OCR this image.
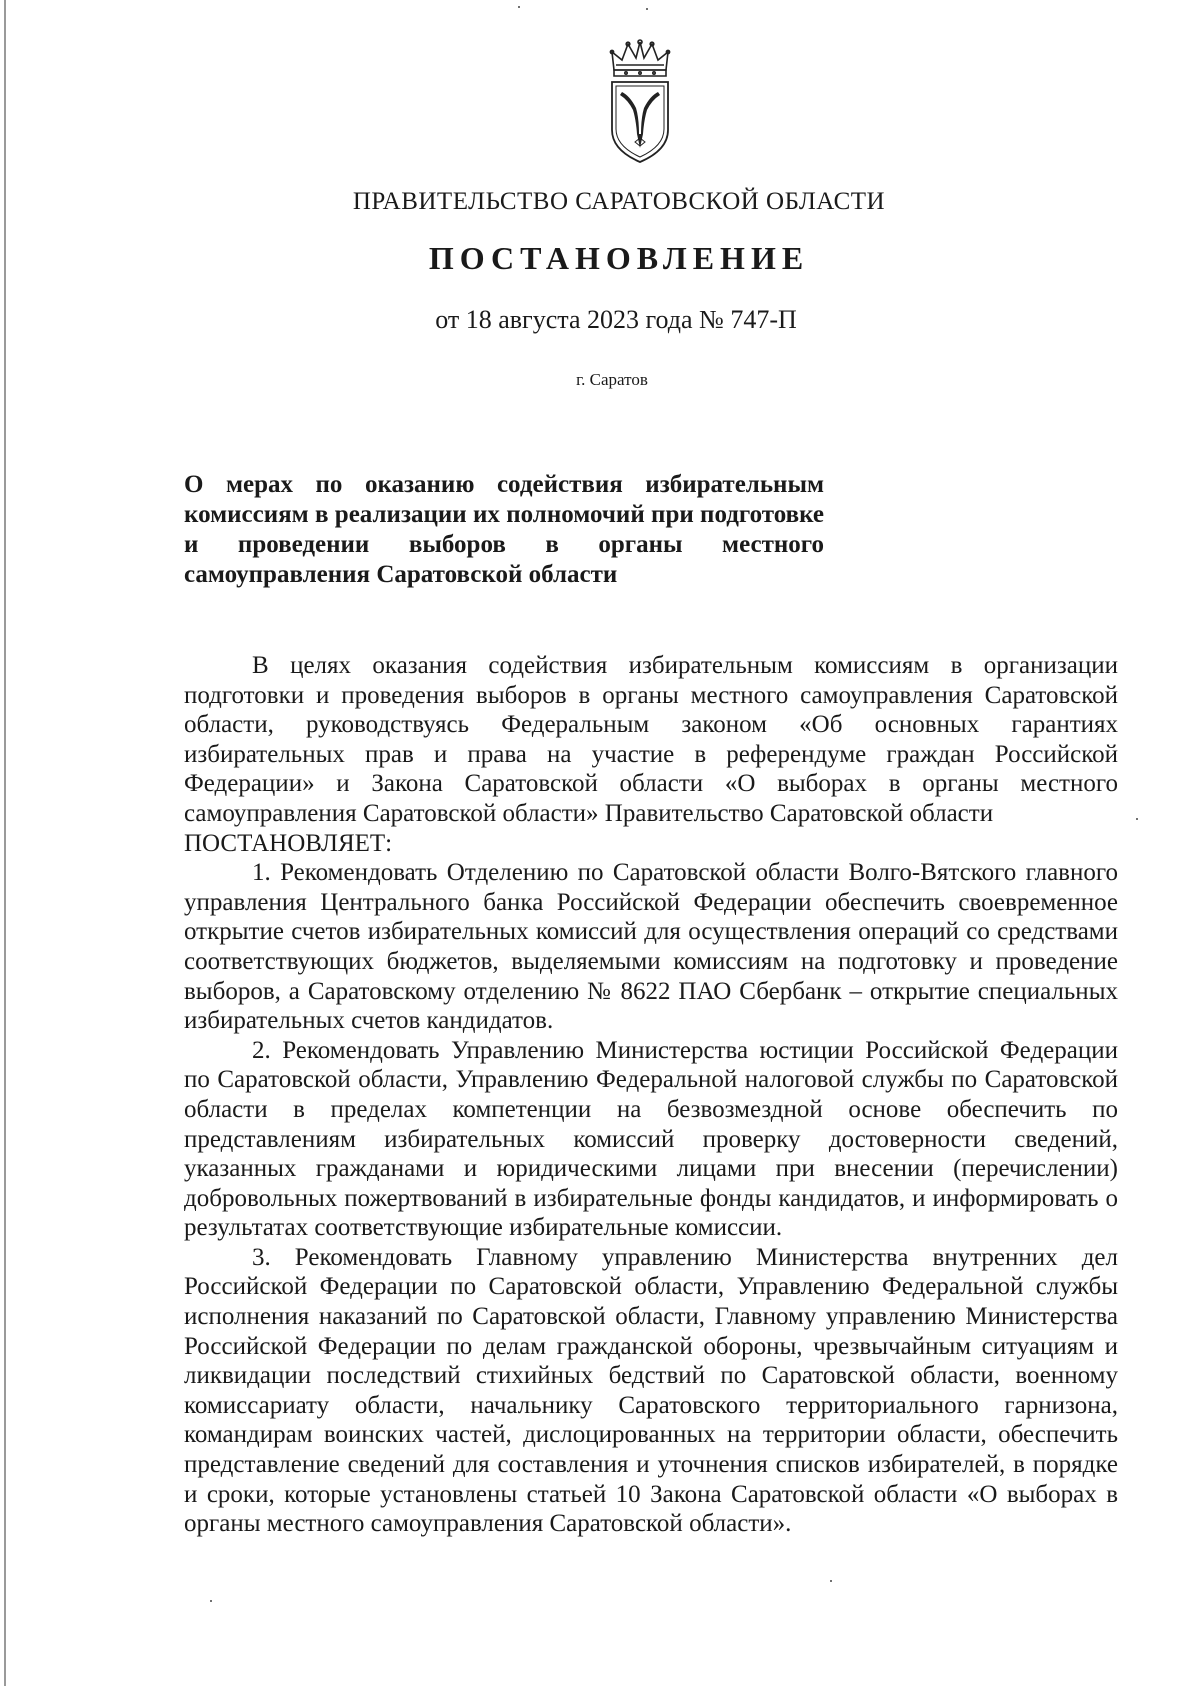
ПРАВИТЕЛЬСТВО САРАТОВСКОЙ ОБЛАСТИ
ПОСТАНОВЛЕНИЕ
от 18 августа 2023 года № 747-П
г. Саратов
О мерах по оказанию содействия избирательным
комиссиям в реализации их полномочий при подготовке
и проведении выборов в органы местного
самоуправления Саратовской области

В целях оказания содействия избирательным комиссиям в организации подготовки и проведения выборов в органы местного самоуправления Саратовской области, руководствуясь Федеральным законом «Об основных гарантиях избирательных прав и права на участие в референдуме граждан Российской Федерации» и Закона Саратовской области «О выборах в органы местного самоуправления Саратовской области» Правительство Саратовской области

ПОСТАНОВЛЯЕТ:

1. Рекомендовать Отделению по Саратовской области Волго-Вятского главного управления Центрального банка Российской Федерации обеспечить своевременное открытие счетов избирательных комиссий для осуществления операций со средствами соответствующих бюджетов, выделяемыми комиссиям на подготовку и проведение выборов, а Саратовскому отделению № 8622 ПАО Сбербанк – открытие специальных избирательных счетов кандидатов.

2. Рекомендовать Управлению Министерства юстиции Российской Федерации по Саратовской области, Управлению Федеральной налоговой службы по Саратовской области в пределах компетенции на безвозмездной основе обеспечить по представлениям избирательных комиссий проверку достоверности сведений, указанных гражданами и юридическими лицами при внесении (перечислении) добровольных пожертвований в избирательные фонды кандидатов, и информировать о результатах соответствующие избирательные комиссии.

3. Рекомендовать Главному управлению Министерства внутренних дел Российской Федерации по Саратовской области, Управлению Федеральной службы исполнения наказаний по Саратовской области, Главному управлению Министерства Российской Федерации по делам гражданской обороны, чрезвычайным ситуациям и ликвидации последствий стихийных бедствий по Саратовской области, военному комиссариату области, начальнику Саратовского территориального гарнизона, командирам воинских частей, дислоцированных на территории области, обеспечить представление сведений для составления и уточнения списков избирателей, в порядке и сроки, которые установлены статьей 10 Закона Саратовской области «О выборах в органы местного самоуправления Саратовской области».
